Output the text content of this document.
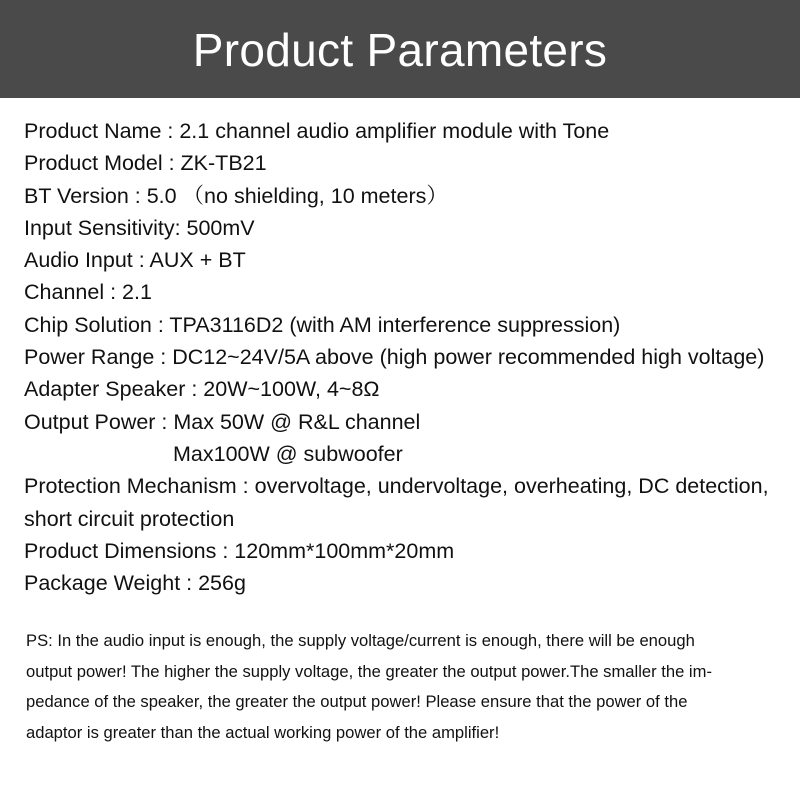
Product Parameters
Product Name : 2.1 channel audio amplifier module with Tone
Product Model : ZK-TB21
BT Version : 5.0 （no shielding, 10 meters）
Input Sensitivity: 500mV
Audio Input : AUX + BT
Channel : 2.1
Chip Solution : TPA3116D2 (with AM interference suppression)
Power Range : DC12~24V/5A above (high power recommended high voltage)
Adapter Speaker : 20W~100W, 4~8Ω
Output Power : Max 50W @ R&L channel
Max100W @ subwoofer
Protection Mechanism : overvoltage, undervoltage, overheating, DC detection, short circuit protection
Product Dimensions : 120mm*100mm*20mm
Package Weight : 256g
PS: In the audio input is enough, the supply voltage/current is enough, there will be enough
output power! The higher the supply voltage, the greater the output power.The smaller the im-
pedance of the speaker, the greater the output power! Please ensure that the power of the
adaptor is greater than the actual working power of the amplifier!
